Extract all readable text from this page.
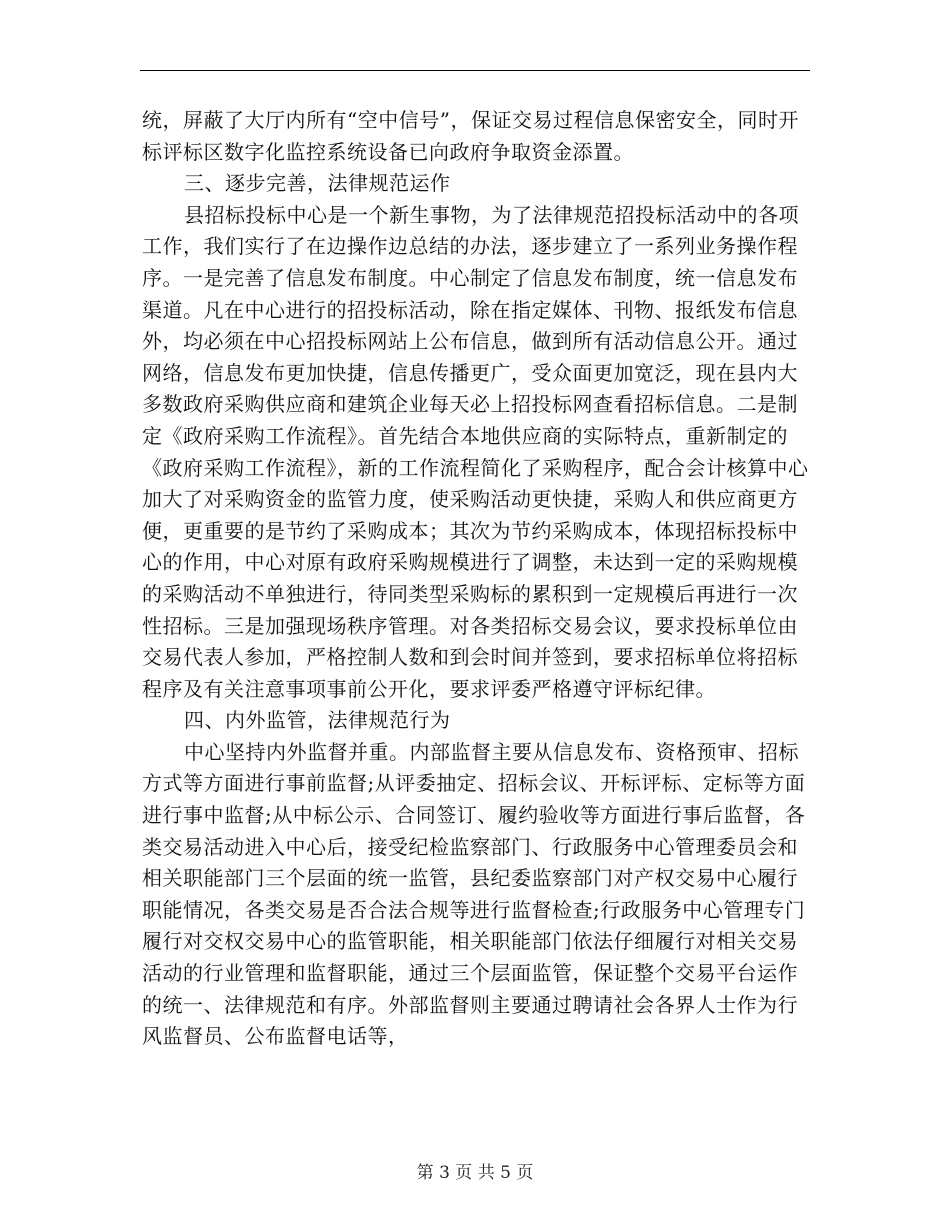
统，屏蔽了大厅内所有“空中信号”，保证交易过程信息保密安全，同时开标评标区数字化监控系统设备已向政府争取资金添置。

三、逐步完善，法律规范运作

县招标投标中心是一个新生事物，为了法律规范招投标活动中的各项工作，我们实行了在边操作边总结的办法，逐步建立了一系列业务操作程序。一是完善了信息发布制度。中心制定了信息发布制度，统一信息发布渠道。凡在中心进行的招投标活动，除在指定媒体、刊物、报纸发布信息外，均必须在中心招投标网站上公布信息，做到所有活动信息公开。通过网络，信息发布更加快捷，信息传播更广，受众面更加宽泛，现在县内大多数政府采购供应商和建筑企业每天必上招投标网查看招标信息。二是制定《政府采购工作流程》。首先结合本地供应商的实际特点，重新制定的《政府采购工作流程》，新的工作流程简化了采购程序，配合会计核算中心加大了对采购资金的监管力度，使采购活动更快捷，采购人和供应商更方便，更重要的是节约了采购成本；其次为节约采购成本，体现招标投标中心的作用，中心对原有政府采购规模进行了调整，未达到一定的采购规模的采购活动不单独进行，待同类型采购标的累积到一定规模后再进行一次性招标。三是加强现场秩序管理。对各类招标交易会议，要求投标单位由交易代表人参加，严格控制人数和到会时间并签到，要求招标单位将招标程序及有关注意事项事前公开化，要求评委严格遵守评标纪律。

四、内外监管，法律规范行为

中心坚持内外监督并重。内部监督主要从信息发布、资格预审、招标方式等方面进行事前监督;从评委抽定、招标会议、开标评标、定标等方面进行事中监督;从中标公示、合同签订、履约验收等方面进行事后监督，各类交易活动进入中心后，接受纪检监察部门、行政服务中心管理委员会和相关职能部门三个层面的统一监管，县纪委监察部门对产权交易中心履行职能情况，各类交易是否合法合规等进行监督检查;行政服务中心管理专门履行对交权交易中心的监管职能，相关职能部门依法仔细履行对相关交易活动的行业管理和监督职能，通过三个层面监管，保证整个交易平台运作的统一、法律规范和有序。外部监督则主要通过聘请社会各界人士作为行风监督员、公布监督电话等，

第 3 页 共 5 页
